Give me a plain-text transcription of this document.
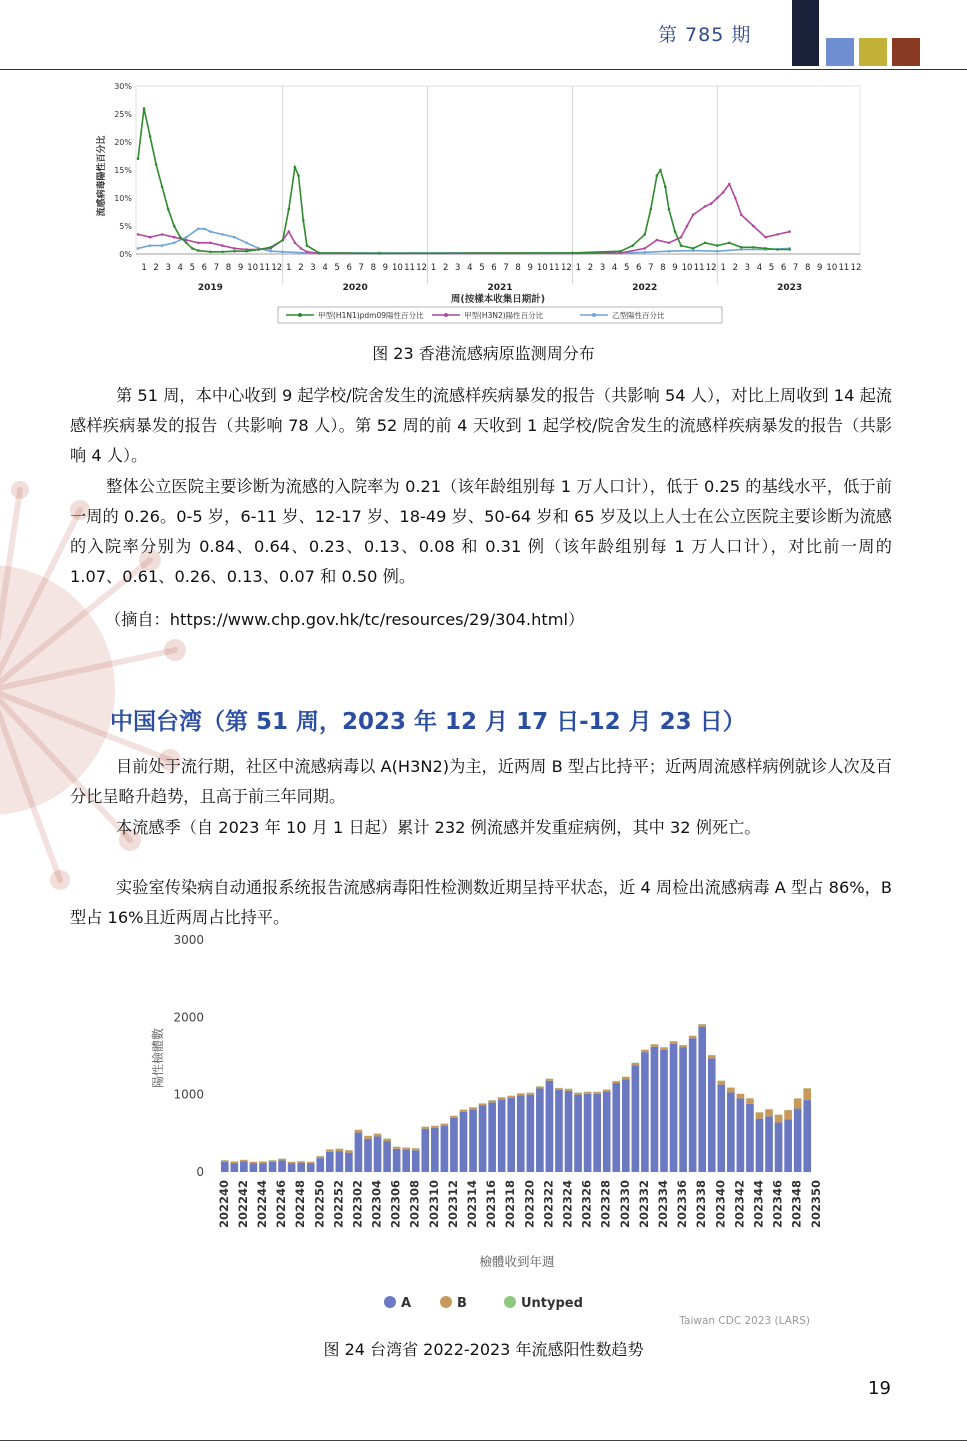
第 785 期
30%
25%
20%
15%
10%
5%
0%
流感病毒陽性百分比
1 2 3 4 5 6 7 8 9 10 11 12
2019
1 2 3 4 5 6 7 8 9 10 11 12
2020
1 2 3 4 5 6 7 8 9 10 11 12
2021
1 2 3 4 5 6 7 8 9 10 11 12
2022
1 2 3 4 5 6 7 8 9 10 11 12
2023
周(按樣本收集日期計)
甲型(H1N1)pdm09陽性百分比	甲型(H3N2)陽性百分比	乙型陽性百分比
图 23 香港流感病原监测周分布
第 51 周，本中心收到 9 起学校/院舍发生的流感样疾病暴发的报告（共影响 54 人），对比上周收到 14 起流感样疾病暴发的报告（共影响 78 人）。第 52 周的前 4 天收到 1 起学校/院舍发生的流感样疾病暴发的报告（共影响 4 人）。
整体公立医院主要诊断为流感的入院率为 0.21（该年龄组别每 1 万人口计），低于 0.25 的基线水平，低于前一周的 0.26。0-5 岁，6-11 岁、12-17 岁、18-49 岁、50-64 岁和 65 岁及以上人士在公立医院主要诊断为流感的入院率分别为 0.84、0.64、0.23、0.13、0.08 和 0.31 例（该年龄组别每 1 万人口计），对比前一周的 1.07、0.61、0.26、0.13、0.07 和 0.50 例。
（摘自：https://www.chp.gov.hk/tc/resources/29/304.html）
中国台湾（第 51 周，2023 年 12 月 17 日-12 月 23 日）
目前处于流行期，社区中流感病毒以 A(H3N2)为主，近两周 B 型占比持平；近两周流感样病例就诊人次及百分比呈略升趋势，且高于前三年同期。
本流感季（自 2023 年 10 月 1 日起）累计 232 例流感并发重症病例，其中 32 例死亡。
实验室传染病自动通报系统报告流感病毒阳性检测数近期呈持平状态，近 4 周检出流感病毒 A 型占 86%，B 型占 16%且近两周占比持平。
3000
2000
1000
0
陽性檢體數
202240 202242 202244 202246 202248 202250 202252 202302 202304 202306 202308 202310 202312 202314 202316 202318 202320 202322 202324 202326 202328 202330 202332 202334 202336 202338 202340 202342 202344 202346 202348 202350
檢體收到年週
A	B	Untyped
Taiwan CDC 2023 (LARS)
图 24 台湾省 2022-2023 年流感阳性数趋势
19
